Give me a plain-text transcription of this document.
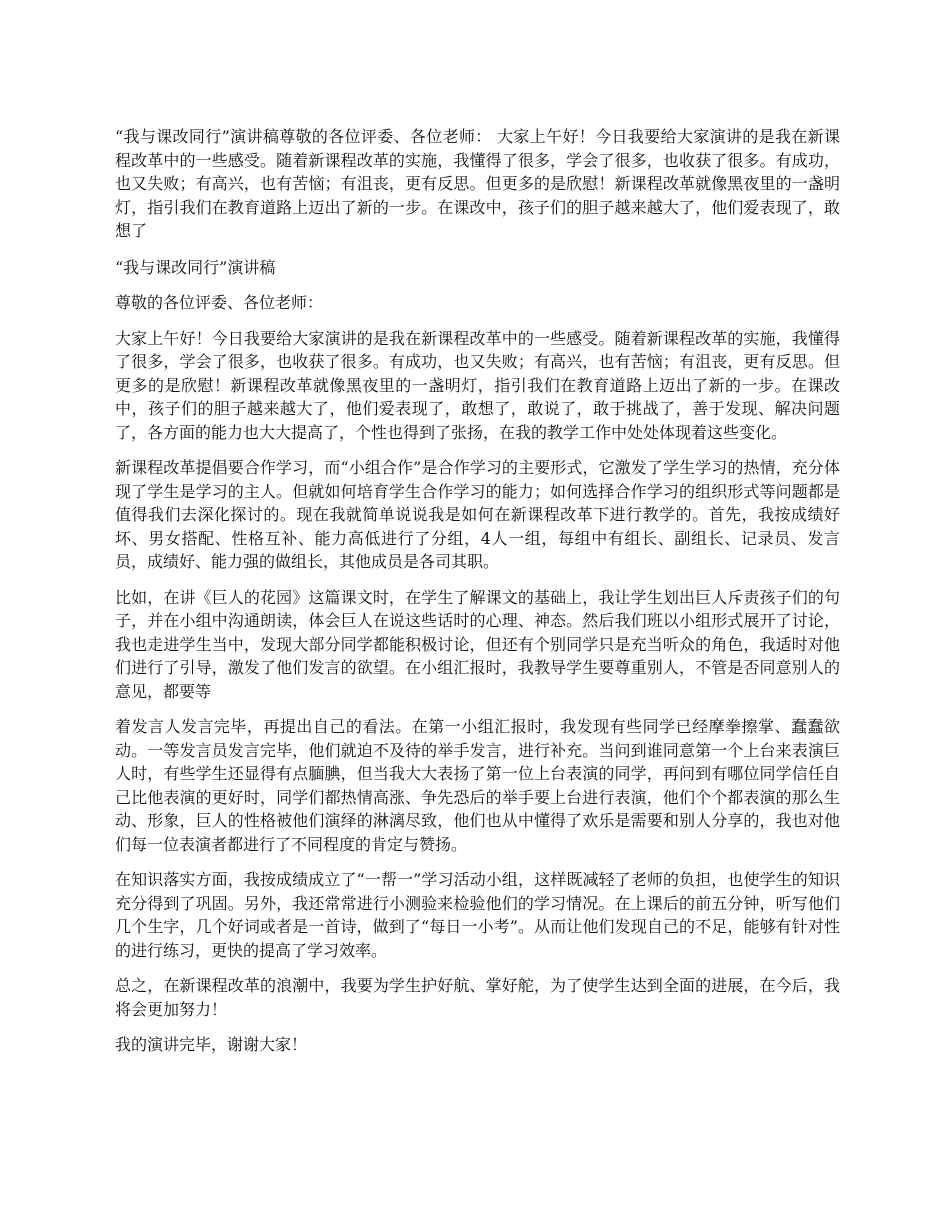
“我与课改同行”演讲稿尊敬的各位评委、各位老师： 大家上午好！今日我要给大家演讲的是我在新课程改革中的一些感受。随着新课程改革的实施，我懂得了很多，学会了很多，也收获了很多。有成功，也又失败；有高兴，也有苦恼；有沮丧，更有反思。但更多的是欣慰！新课程改革就像黑夜里的一盏明灯，指引我们在教育道路上迈出了新的一步。在课改中，孩子们的胆子越来越大了，他们爱表现了，敢想了

“我与课改同行”演讲稿

尊敬的各位评委、各位老师：

大家上午好！今日我要给大家演讲的是我在新课程改革中的一些感受。随着新课程改革的实施，我懂得了很多，学会了很多，也收获了很多。有成功，也又失败；有高兴，也有苦恼；有沮丧，更有反思。但更多的是欣慰！新课程改革就像黑夜里的一盏明灯，指引我们在教育道路上迈出了新的一步。在课改中，孩子们的胆子越来越大了，他们爱表现了，敢想了，敢说了，敢于挑战了，善于发现、解决问题了，各方面的能力也大大提高了，个性也得到了张扬，在我的教学工作中处处体现着这些变化。

新课程改革提倡要合作学习，而“小组合作”是合作学习的主要形式，它激发了学生学习的热情，充分体现了学生是学习的主人。但就如何培育学生合作学习的能力；如何选择合作学习的组织形式等问题都是值得我们去深化探讨的。现在我就简单说说我是如何在新课程改革下进行教学的。首先，我按成绩好坏、男女搭配、性格互补、能力高低进行了分组，4人一组，每组中有组长、副组长、记录员、发言员，成绩好、能力强的做组长，其他成员是各司其职。

比如，在讲《巨人的花园》这篇课文时，在学生了解课文的基础上，我让学生划出巨人斥责孩子们的句子，并在小组中沟通朗读，体会巨人在说这些话时的心理、神态。然后我们班以小组形式展开了讨论，我也走进学生当中，发现大部分同学都能积极讨论，但还有个别同学只是充当听众的角色，我适时对他们进行了引导，激发了他们发言的欲望。在小组汇报时，我教导学生要尊重别人，不管是否同意别人的意见，都要等

着发言人发言完毕，再提出自己的看法。在第一小组汇报时，我发现有些同学已经摩拳擦掌、蠢蠢欲动。一等发言员发言完毕，他们就迫不及待的举手发言，进行补充。当问到谁同意第一个上台来表演巨人时，有些学生还显得有点腼腆，但当我大大表扬了第一位上台表演的同学，再问到有哪位同学信任自己比他表演的更好时，同学们都热情高涨、争先恐后的举手要上台进行表演，他们个个都表演的那么生动、形象，巨人的性格被他们演绎的淋漓尽致，他们也从中懂得了欢乐是需要和别人分享的，我也对他们每一位表演者都进行了不同程度的肯定与赞扬。

在知识落实方面，我按成绩成立了“一帮一”学习活动小组，这样既减轻了老师的负担，也使学生的知识充分得到了巩固。另外，我还常常进行小测验来检验他们的学习情况。在上课后的前五分钟，听写他们几个生字，几个好词或者是一首诗，做到了“每日一小考”。从而让他们发现自己的不足，能够有针对性的进行练习，更快的提高了学习效率。

总之，在新课程改革的浪潮中，我要为学生护好航、掌好舵，为了使学生达到全面的进展，在今后，我将会更加努力！

我的演讲完毕，谢谢大家！
